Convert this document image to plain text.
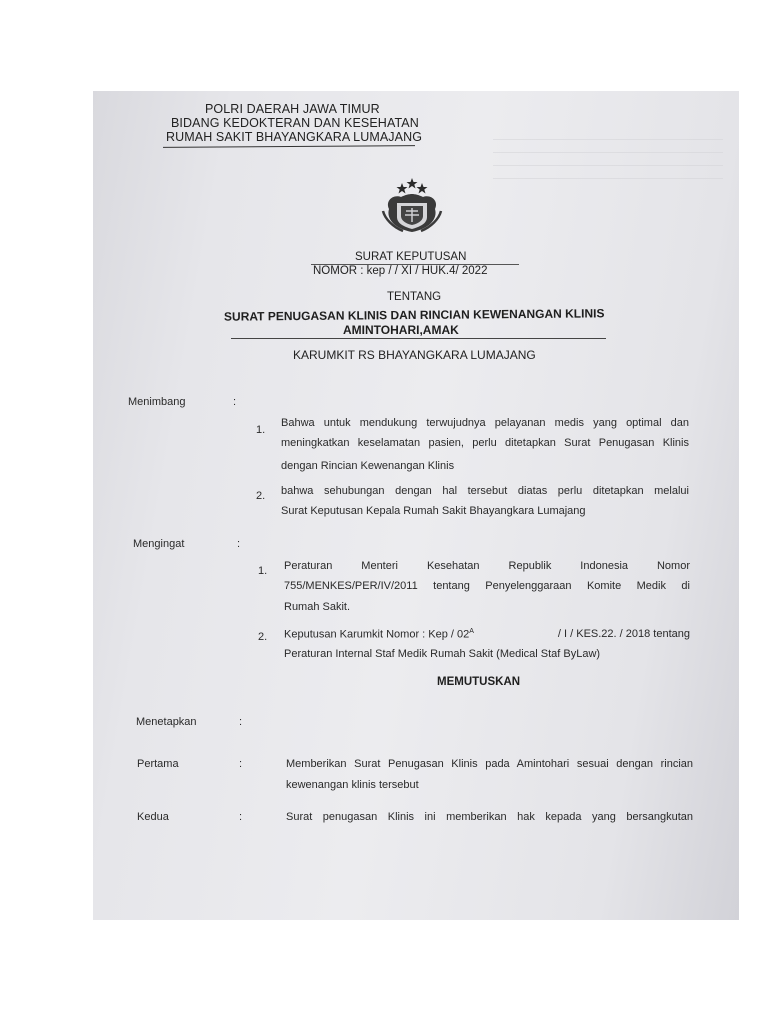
POLRI DAERAH JAWA TIMUR
BIDANG KEDOKTERAN DAN KESEHATAN
RUMAH SAKIT BHAYANGKARA LUMAJANG
SURAT KEPUTUSAN
NOMOR : kep / / XI / HUK.4/ 2022
TENTANG
SURAT PENUGASAN KLINIS DAN RINCIAN KEWENANGAN KLINIS
AMINTOHARI,AMAK
KARUMKIT RS BHAYANGKARA LUMAJANG
Menimbang	:
1.
Bahwa untuk mendukung terwujudnya pelayanan medis yang optimal dan
meningkatkan keselamatan pasien, perlu ditetapkan Surat Penugasan Klinis
dengan Rincian Kewenangan Klinis
2. bahwa sehubungan dengan hal tersebut diatas perlu ditetapkan melalui
Surat Keputusan Kepala Rumah Sakit Bhayangkara Lumajang
Mengingat	:
1. Peraturan Menteri Kesehatan Republik Indonesia Nomor
755/MENKES/PER/IV/2011 tentang Penyelenggaraan Komite Medik di
Rumah Sakit.
2. Keputusan Karumkit Nomor : Kep / $02^A$	/ I / KES.22. / 2018 tentang
Peraturan Internal Staf Medik Rumah Sakit (Medical Staf ByLaw)
MEMUTUSKAN
Menetapkan	:
Pertama	:	Memberikan Surat Penugasan Klinis pada Amintohari sesuai dengan rincian
kewenangan klinis tersebut
Kedua	:	Surat penugasan Klinis ini memberikan hak kepada yang bersangkutan
